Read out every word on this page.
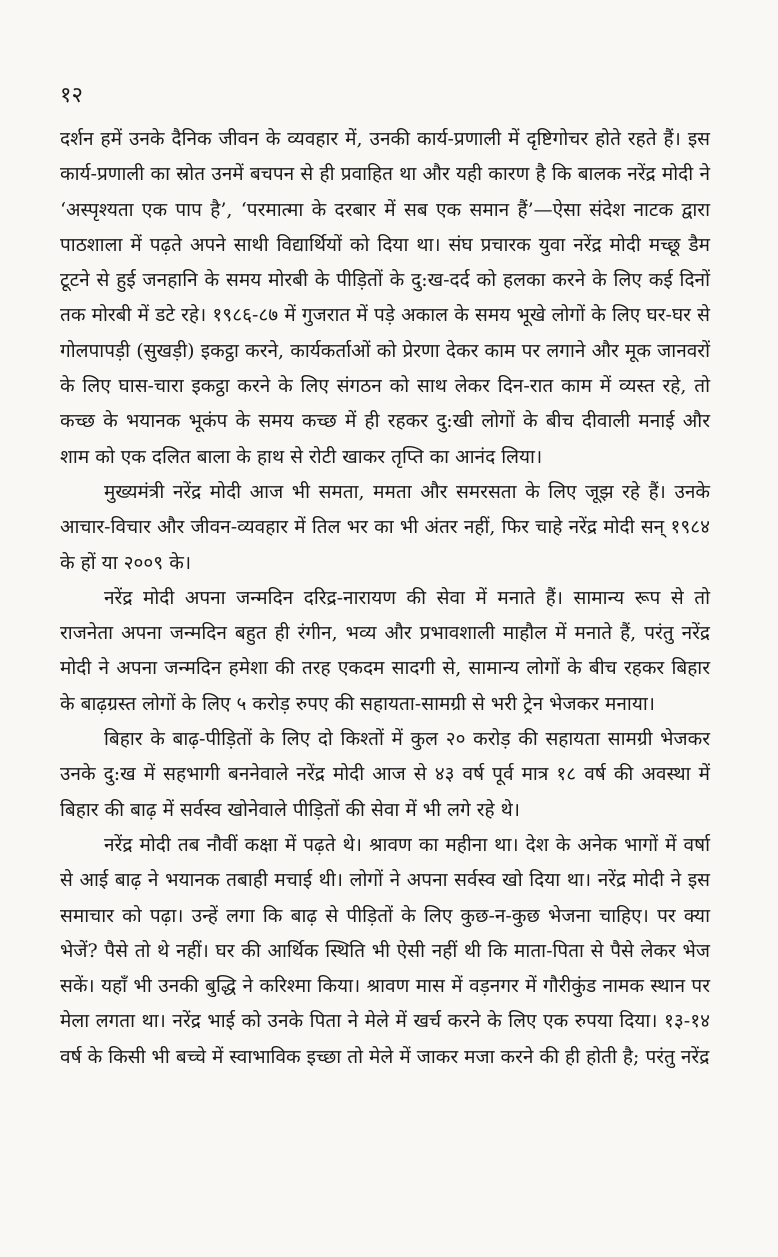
१२

दर्शन हमें उनके दैनिक जीवन के व्यवहार में, उनकी कार्य-प्रणाली में दृष्टिगोचर होते रहते हैं। इस कार्य-प्रणाली का स्रोत उनमें बचपन से ही प्रवाहित था और यही कारण है कि बालक नरेंद्र मोदी ने ‘अस्पृश्यता एक पाप है’, ‘परमात्मा के दरबार में सब एक समान हैं’—ऐसा संदेश नाटक द्वारा पाठशाला में पढ़ते अपने साथी विद्यार्थियों को दिया था। संघ प्रचारक युवा नरेंद्र मोदी मच्छू डैम टूटने से हुई जनहानि के समय मोरबी के पीड़ितों के दु:ख-दर्द को हलका करने के लिए कई दिनों तक मोरबी में डटे रहे। १९८६-८७ में गुजरात में पड़े अकाल के समय भूखे लोगों के लिए घर-घर से गोलपापड़ी (सुखड़ी) इकट्ठा करने, कार्यकर्ताओं को प्रेरणा देकर काम पर लगाने और मूक जानवरों के लिए घास-चारा इकट्ठा करने के लिए संगठन को साथ लेकर दिन-रात काम में व्यस्त रहे, तो कच्छ के भयानक भूकंप के समय कच्छ में ही रहकर दु:खी लोगों के बीच दीवाली मनाई और शाम को एक दलित बाला के हाथ से रोटी खाकर तृप्ति का आनंद लिया।

मुख्यमंत्री नरेंद्र मोदी आज भी समता, ममता और समरसता के लिए जूझ रहे हैं। उनके आचार-विचार और जीवन-व्यवहार में तिल भर का भी अंतर नहीं, फिर चाहे नरेंद्र मोदी सन् १९८४ के हों या २००९ के।

नरेंद्र मोदी अपना जन्मदिन दरिद्र-नारायण की सेवा में मनाते हैं। सामान्य रूप से तो राजनेता अपना जन्मदिन बहुत ही रंगीन, भव्य और प्रभावशाली माहौल में मनाते हैं, परंतु नरेंद्र मोदी ने अपना जन्मदिन हमेशा की तरह एकदम सादगी से, सामान्य लोगों के बीच रहकर बिहार के बाढ़ग्रस्त लोगों के लिए ५ करोड़ रुपए की सहायता-सामग्री से भरी ट्रेन भेजकर मनाया।

बिहार के बाढ़-पीड़ितों के लिए दो किश्तों में कुल २० करोड़ की सहायता सामग्री भेजकर उनके दु:ख में सहभागी बननेवाले नरेंद्र मोदी आज से ४३ वर्ष पूर्व मात्र १८ वर्ष की अवस्था में बिहार की बाढ़ में सर्वस्व खोनेवाले पीड़ितों की सेवा में भी लगे रहे थे।

नरेंद्र मोदी तब नौवीं कक्षा में पढ़ते थे। श्रावण का महीना था। देश के अनेक भागों में वर्षा से आई बाढ़ ने भयानक तबाही मचाई थी। लोगों ने अपना सर्वस्व खो दिया था। नरेंद्र मोदी ने इस समाचार को पढ़ा। उन्हें लगा कि बाढ़ से पीड़ितों के लिए कुछ-न-कुछ भेजना चाहिए। पर क्या भेजें? पैसे तो थे नहीं। घर की आर्थिक स्थिति भी ऐसी नहीं थी कि माता-पिता से पैसे लेकर भेज सकें। यहाँ भी उनकी बुद्धि ने करिश्मा किया। श्रावण मास में वड़नगर में गौरीकुंड नामक स्थान पर मेला लगता था। नरेंद्र भाई को उनके पिता ने मेले में खर्च करने के लिए एक रुपया दिया। १३-१४ वर्ष के किसी भी बच्चे में स्वाभाविक इच्छा तो मेले में जाकर मजा करने की ही होती है; परंतु नरेंद्र
